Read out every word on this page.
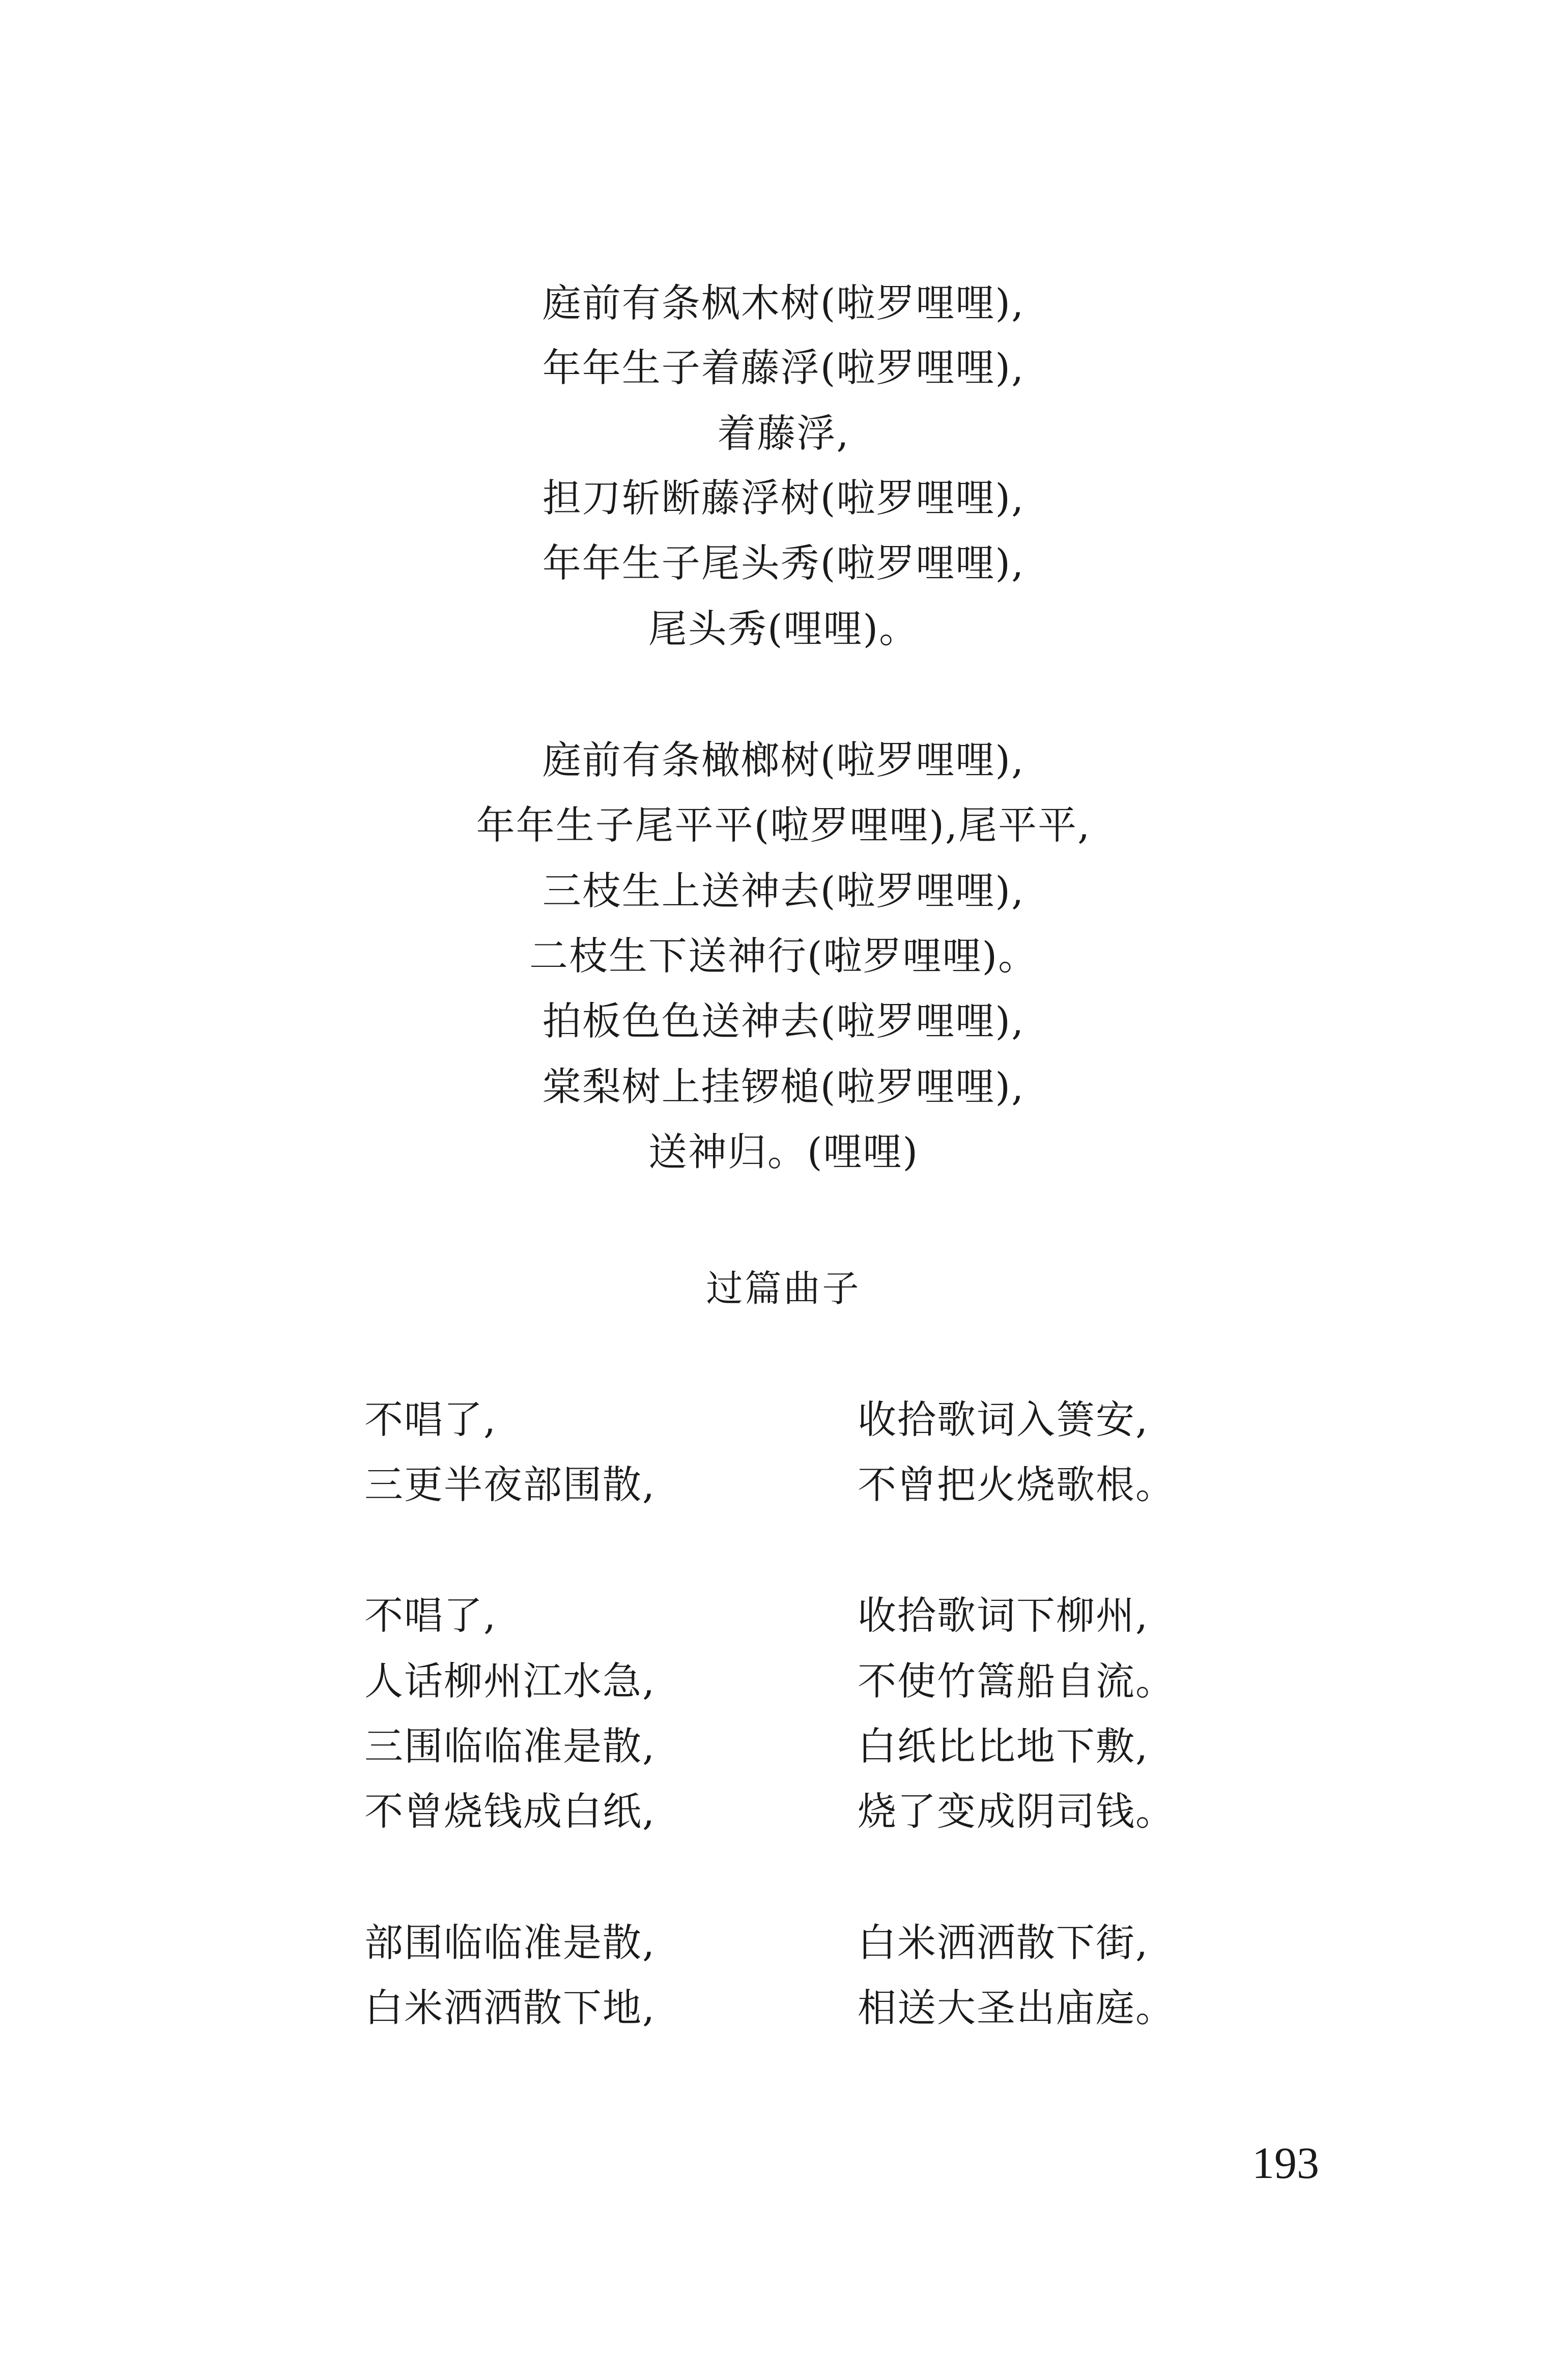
庭前有条枫木树(啦罗哩哩),
年年生子着藤浮(啦罗哩哩),
着藤浮,
担刀斩断藤浮树(啦罗哩哩),
年年生子尾头秀(啦罗哩哩),
尾头秀(哩哩)。
庭前有条橄榔树(啦罗哩哩),
年年生子尾平平(啦罗哩哩),尾平平,
三枝生上送神去(啦罗哩哩),
二枝生下送神行(啦罗哩哩)。
拍板色色送神去(啦罗哩哩),
棠梨树上挂锣槌(啦罗哩哩),
送神归。(哩哩)
过篇曲子
不唱了,	收拾歌词入箦安,
三更半夜部围散,	不曾把火烧歌根。
不唱了,	收拾歌词下柳州,
人话柳州江水急,	不使竹篙船自流。
三围临临准是散,	白纸比比地下敷,
不曾烧钱成白纸,	烧了变成阴司钱。
部围临临准是散,	白米洒洒散下街,
白米洒洒散下地,	相送大圣出庙庭。
193
